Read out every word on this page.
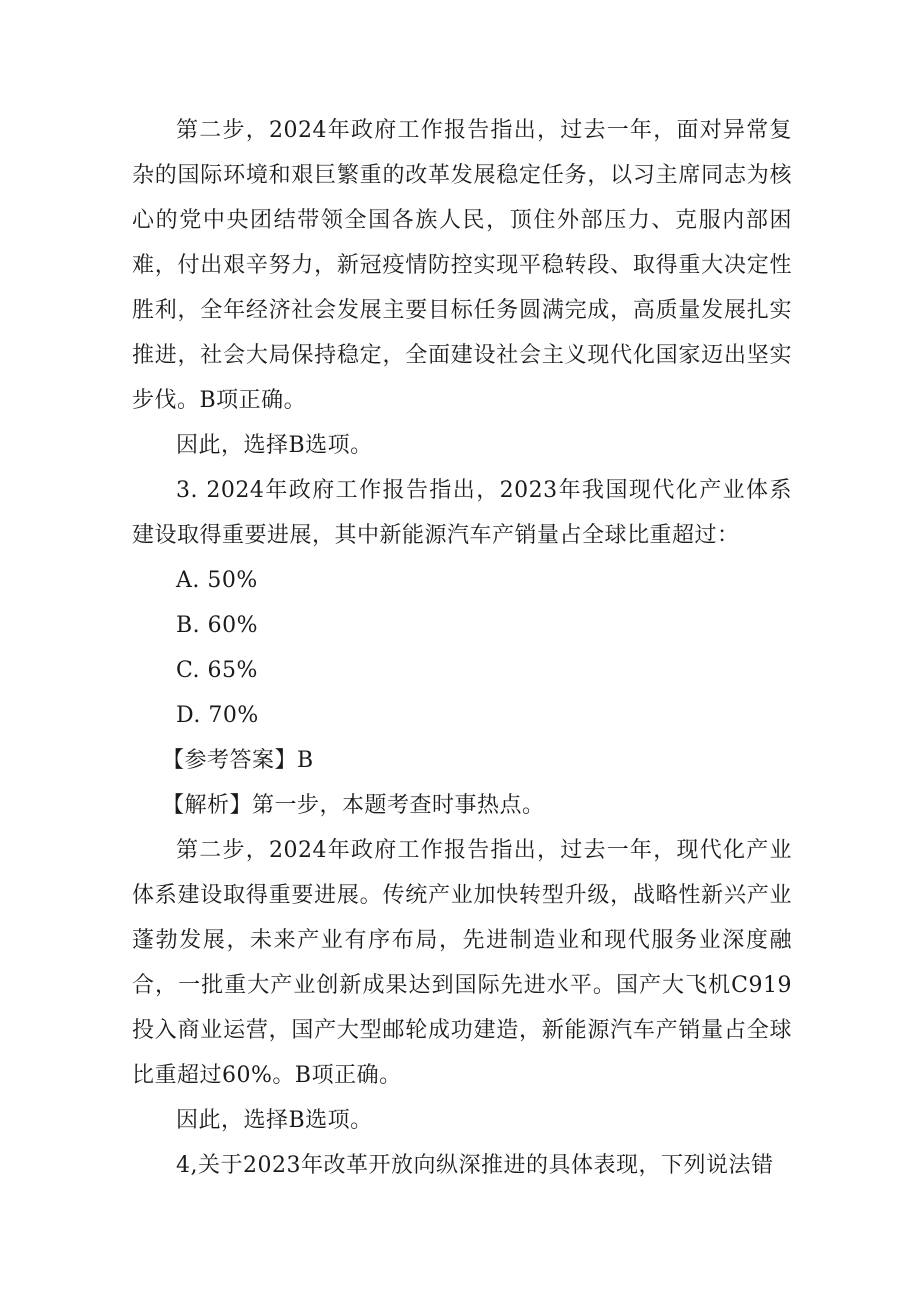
第二步，2024年政府工作报告指出，过去一年，面对异常复杂的国际环境和艰巨繁重的改革发展稳定任务，以习主席同志为核心的党中央团结带领全国各族人民，顶住外部压力、克服内部困难，付出艰辛努力，新冠疫情防控实现平稳转段、取得重大决定性胜利，全年经济社会发展主要目标任务圆满完成，高质量发展扎实推进，社会大局保持稳定，全面建设社会主义现代化国家迈出坚实步伐。B项正确。

因此，选择B选项。

3. 2024年政府工作报告指出，2023年我国现代化产业体系建设取得重要进展，其中新能源汽车产销量占全球比重超过：

A. 50%

B. 60%

C. 65%

D. 70%

【参考答案】B

【解析】第一步，本题考查时事热点。

第二步，2024年政府工作报告指出，过去一年，现代化产业体系建设取得重要进展。传统产业加快转型升级，战略性新兴产业蓬勃发展，未来产业有序布局，先进制造业和现代服务业深度融合，一批重大产业创新成果达到国际先进水平。国产大飞机C919投入商业运营，国产大型邮轮成功建造，新能源汽车产销量占全球比重超过60%。B项正确。

因此，选择B选项。

4,关于2023年改革开放向纵深推进的具体表现，下列说法错
